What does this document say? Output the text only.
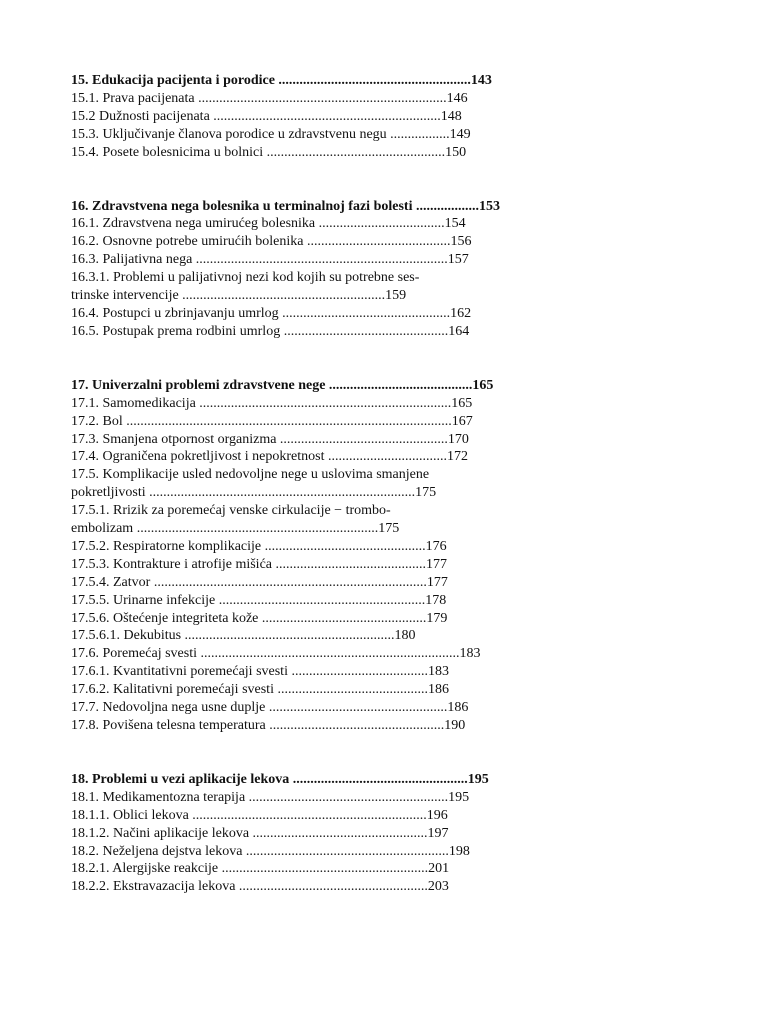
15. Edukacija pacijenta i porodice .......................................................143

15.1. Prava pacijenata .......................................................................146

15.2 Dužnosti pacijenata .................................................................148

15.3. Uključivanje članova porodice u zdravstvenu negu .................149

15.4. Posete bolesnicima u bolnici ...................................................150

16. Zdravstvena nega bolesnika u terminalnoj fazi bolesti ..................153

16.1. Zdravstvena nega umirućeg bolesnika ....................................154

16.2. Osnovne potrebe umirućih bolenika .........................................156

16.3. Palijativna nega ........................................................................157

16.3.1. Problemi u palijativnoj nezi kod kojih su potrebne ses-

trinske intervencije ..........................................................159

16.4. Postupci u zbrinjavanju umrlog ................................................162

16.5. Postupak prema rodbini umrlog ...............................................164

17. Univerzalni problemi zdravstvene nege .........................................165

17.1. Samomedikacija ........................................................................165

17.2. Bol .............................................................................................167

17.3. Smanjena otpornost organizma ................................................170

17.4. Ograničena pokretljivost i nepokretnost ..................................172

17.5. Komplikacije usled nedovoljne nege u uslovima smanjene

pokretljivosti ............................................................................175

17.5.1. Rrizik za poremećaj venske cirkulacije − trombo-

embolizam .....................................................................175

17.5.2. Respiratorne komplikacije ..............................................176

17.5.3. Kontrakture i atrofije mišića ...........................................177

17.5.4. Zatvor ..............................................................................177

17.5.5. Urinarne infekcije ...........................................................178

17.5.6. Oštećenje integriteta kože ...............................................179

17.5.6.1. Dekubitus ............................................................180

17.6. Poremećaj svesti ..........................................................................183

17.6.1. Kvantitativni poremećaji svesti .......................................183

17.6.2. Kalitativni poremećaji svesti ...........................................186

17.7. Nedovoljna nega usne duplje ...................................................186

17.8. Povišena telesna temperatura ..................................................190

18. Problemi u vezi aplikacije lekova ..................................................195

18.1. Medikamentozna terapija .........................................................195

18.1.1. Oblici lekova ...................................................................196

18.1.2. Načini aplikacije lekova ..................................................197

18.2. Neželjena dejstva lekova ..........................................................198

18.2.1. Alergijske reakcije ...........................................................201

18.2.2. Ekstravazacija lekova ......................................................203
